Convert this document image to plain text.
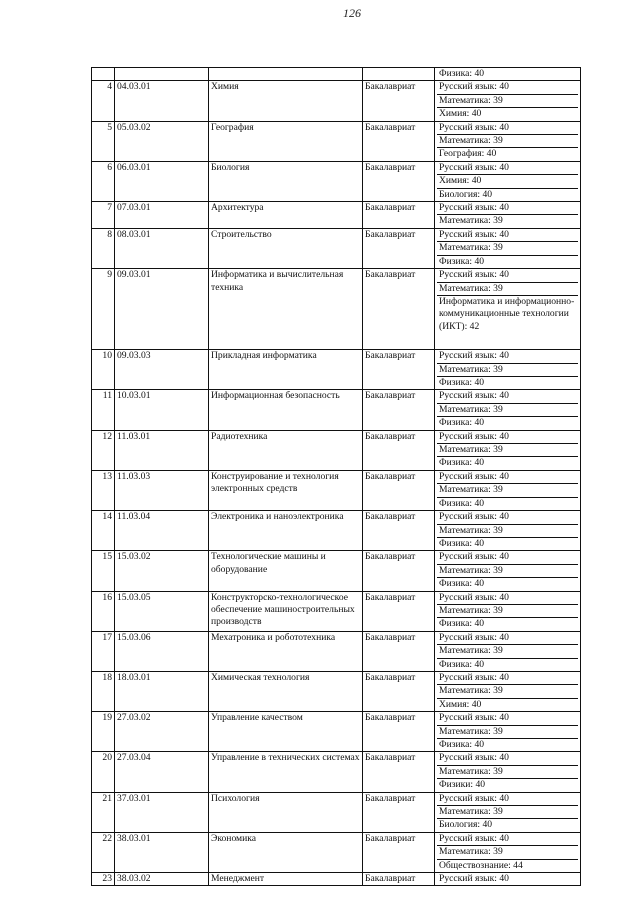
126

				Физика: 40

4	04.03.01	Химия	Бакалавриат	Русский язык: 40
Математика: 39
Химия: 40

5	05.03.02	География	Бакалавриат	Русский язык: 40
Математика: 39
География: 40

6	06.03.01	Биология	Бакалавриат	Русский язык: 40
Химия: 40
Биология: 40

7	07.03.01	Архитектура	Бакалавриат	Русский язык: 40
Математика: 39

8	08.03.01	Строительство	Бакалавриат	Русский язык: 40
Математика: 39
Физика: 40

9	09.03.01	Информатика и вычислительная техника	Бакалавриат	Русский язык: 40
Математика: 39
Информатика и информационно-коммуникационные технологии (ИКТ): 42

10	09.03.03	Прикладная информатика	Бакалавриат	Русский язык: 40
Математика: 39
Физика: 40

11	10.03.01	Информационная безопасность	Бакалавриат	Русский язык: 40
Математика: 39
Физика: 40

12	11.03.01	Радиотехника	Бакалавриат	Русский язык: 40
Математика: 39
Физика: 40

13	11.03.03	Конструирование и технология электронных средств	Бакалавриат	Русский язык: 40
Математика: 39
Физика: 40

14	11.03.04	Электроника и наноэлектроника	Бакалавриат	Русский язык: 40
Математика: 39
Физика: 40

15	15.03.02	Технологические машины и оборудование	Бакалавриат	Русский язык: 40
Математика: 39
Физика: 40

16	15.03.05	Конструкторско-технологическое обеспечение машиностроительных производств	Бакалавриат	Русский язык: 40
Математика: 39
Физика: 40

17	15.03.06	Мехатроника и робототехника	Бакалавриат	Русский язык: 40
Математика: 39
Физика: 40

18	18.03.01	Химическая технология	Бакалавриат	Русский язык: 40
Математика: 39
Химия: 40

19	27.03.02	Управление качеством	Бакалавриат	Русский язык: 40
Математика: 39
Физика: 40

20	27.03.04	Управление в технических системах	Бакалавриат	Русский язык: 40
Математика: 39
Физики: 40

21	37.03.01	Психология	Бакалавриат	Русский язык: 40
Математика: 39
Биология: 40

22	38.03.01	Экономика	Бакалавриат	Русский язык: 40
Математика: 39
Обществознание: 44

23	38.03.02	Менеджмент	Бакалавриат	Русский язык: 40
